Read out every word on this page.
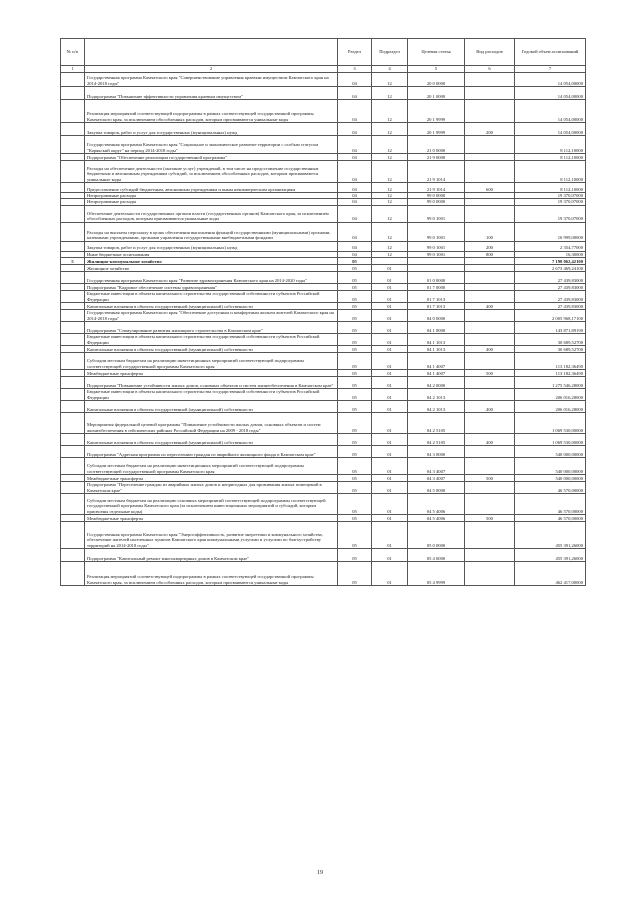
№ п/п		Раздел	Подраздел	Целевая статья	Вид расходов	Годовой объем ассигнований
1	2	3	4	5	6	7
	Государственная программа Камчатского края "Совершенствование управления краевым имуществом Камчатского края на 2014-2018 годы"	04	12	20 0 0000		14 054,00000
	Подпрограмма "Повышение эффективности управления краевым имуществом"	04	12	20 1 0000		14 054,00000
	Реализация мероприятий соответствующей подпрограммы в рамках соответствующей государственной программы Камчатского края, за исключением обособленных расходов, которым присваиваются уникальные коды	04	12	20 1 9999		14 054,00000
	Закупка товаров, работ и услуг для государственных (муниципальных) нужд	04	12	20 1 9999	200	14 054,00000
	Государственная программа Камчатского края "Социальное и экономическое развитие территории с особым статусом "Корякский округ" на период 2014-2018 годы"	04	12	21 0 0000		8 112,10000
	Подпрограмма "Обеспечение реализации государственной программы"	04	12	21 9 0000		8 112,10000
	Расходы на обеспечение деятельности (оказание услуг) учреждений, в том числе на предоставление государственным бюджетным и автономным учреждениям субсидий, за исключением обособленных расходов, которым присваиваются уникальные коды	04	12	21 9 1014		8 112,10000
	Предоставление субсидий бюджетным, автономным учреждениям и иным некоммерческим организациям	04	12	21 9 1014	600	8 112,10000
	Непрограммные расходы	04	12	99 0 0000		19 370,07000
	Непрограммные расходы	04	12	99 0 0000		19 370,07000
	Обеспечение деятельности государственных органов власти (государственных органов) Камчатского края, за исключением обособленных расходов, которым присваиваются уникальные коды	04	12	99 0 1001		19 370,07000
	Расходы на выплаты персоналу в целях обеспечения выполнения функций государственными (муниципальными) органами, казенными учреждениями, органами управления государственными внебюджетными фондами	04	12	99 0 1001	100	16 999,00000
	Закупка товаров, работ и услуг для государственных (муниципальных) нужд	04	12	99 0 1001	200	2 354,77000
	Иные бюджетные ассигнования	04	12	99 0 1001	800	16,30000
5	Жилищно-коммунальное хозяйство	05				7 198 062,42100
	Жилищное хозяйство	05	01			2 673 469,24100
	Государственная программа Камчатского края "Развитие здравоохранения Камчатского края на 2014-2020 годы"	05	01	01 0 0000		27 439,83000
	Подпрограмма "Кадровое обеспечение системы здравоохранения"	05	01	01 7 0000		27 439,83000
	Бюджетные инвестиции в объекты капитального строительства государственной собственности субъектов Российской Федерации	05	01	01 7 1013		27 439,83000
	Капитальные вложения в объекты государственной (муниципальной) собственности	05	01	01 7 1013	400	27 439,83000
	Государственная программа Камчатского края "Обеспечение доступным и комфортным жильем жителей Камчатского края на 2014-2018 годы"	05	01	04 0 0000		2 005 968,17100
	Подпрограмма "Стимулирование развития жилищного строительства в Камчатском крае"	05	01	04 1 0000		143 871,89190
	Бюджетные инвестиции в объекты капитального строительства государственной собственности субъектов Российской Федерации	05	01	04 1 1013		30 689,52700
	Капитальные вложения в объекты государственной (муниципальной) собственности	05	01	04 1 1013	400	30 689,52700
	Субсидии местным бюджетам на реализацию инвестиционных мероприятий соответствующей подпрограммы соответствующей государственной программы Камчатского края	05	01	04 1 4007		113 182,36490
	Межбюджетные трансферты	05	01	04 1 4007	500	113 182,36490
	Подпрограмма "Повышение устойчивости жилых домов, основных объектов и систем жизнеобеспечения в Камчатском крае"	05	01	04 2 0000		1 275 546,28000
	Бюджетные инвестиции в объекты капитального строительства государственной собственности субъектов Российской Федерации	05	01	04 2 1013		206 016,28000
	Капитальные вложения в объекты государственной (муниципальной) собственности	05	01	04 2 1013	400	206 016,28000
	Мероприятия федеральной целевой программы "Повышение устойчивости жилых домов, основных объектов и систем жизнеобеспечения в сейсмических районах Российской Федерации на 2009 - 2018 годы"	05	01	04 2 5105		1 069 530,00000
	Капитальные вложения в объекты государственной (муниципальной) собственности	05	01	04 2 5105	400	1 069 530,00000
	Подпрограмма "Адресная программа по переселению граждан из аварийного жилищного фонда в Камчатском крае"	05	01	04 3 0000		540 000,00000
	Субсидии местным бюджетам на реализацию инвестиционных мероприятий соответствующей подпрограммы соответствующей государственной программы Камчатского края	05	01	04 3 4007		540 000,00000
	Межбюджетные трансферты	05	01	04 3 4007	500	540 000,00000
	Подпрограмма "Переселение граждан из аварийных жилых домов и непригодных для проживания жилых помещений в Камчатском крае"	05	01	04 5 0000		46 570,00000
	Субсидии местным бюджетам на реализацию основных мероприятий соответствующей подпрограммы соответствующей государственной программы Камчатского края (за исключением инвестиционных мероприятий и субсидий, которым присвоены отдельные коды)	05	01	04 5 4006		46 570,00000
	Межбюджетные трансферты	05	01	04 5 4006	500	46 570,00000
	Государственная программа Камчатского края "Энергоэффективность, развитие энергетики и коммунального хозяйства, обеспечение жителей населенных пунктов Камчатского края коммунальными услугами и услугами по благоустройству территорий на 2014-2018 годы"	05	01	05 0 0000		455 391,26000
	Подпрограмма "Капитальный ремонт многоквартирных домов в Камчатском крае"	05	01	05 4 0000		455 391,26000
	Реализация мероприятий соответствующей подпрограммы в рамках соответствующей государственной программы Камчатского края, за исключением обособленных расходов, которым присваиваются уникальные коды	05	01	05 4 9999		462 417,00000
19
